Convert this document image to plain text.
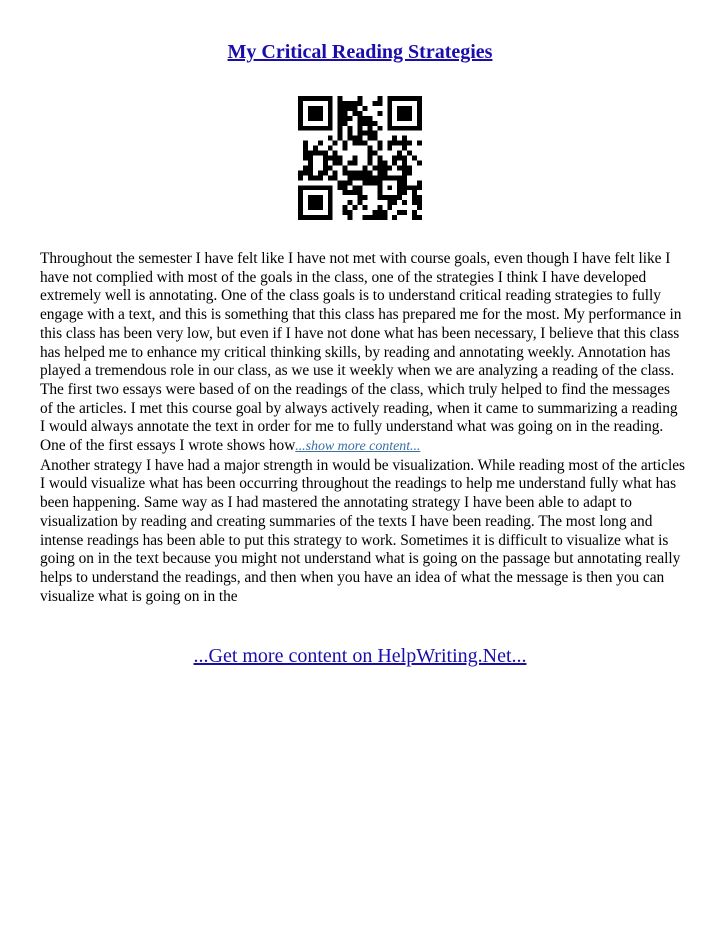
My Critical Reading Strategies

Throughout the semester I have felt like I have not met with course goals, even though I have felt like I have not complied with most of the goals in the class, one of the strategies I think I have developed extremely well is annotating. One of the class goals is to understand critical reading strategies to fully engage with a text, and this is something that this class has prepared me for the most. My performance in this class has been very low, but even if I have not done what has been necessary, I believe that this class has helped me to enhance my critical thinking skills, by reading and annotating weekly. Annotation has played a tremendous role in our class, as we use it weekly when we are analyzing a reading of the class. The first two essays were based of on the readings of the class, which truly helped to find the messages of the articles. I met this course goal by always actively reading, when it came to summarizing a reading I would always annotate the text in order for me to fully understand what was going on in the reading. One of the first essays I wrote shows how...show more content...

Another strategy I have had a major strength in would be visualization. While reading most of the articles I would visualize what has been occurring throughout the readings to help me understand fully what has been happening. Same way as I had mastered the annotating strategy I have been able to adapt to visualization by reading and creating summaries of the texts I have been reading. The most long and intense readings has been able to put this strategy to work. Sometimes it is difficult to visualize what is going on in the text because you might not understand what is going on the passage but annotating really helps to understand the readings, and then when you have an idea of what the message is then you can visualize what is going on in the

...Get more content on HelpWriting.Net...
